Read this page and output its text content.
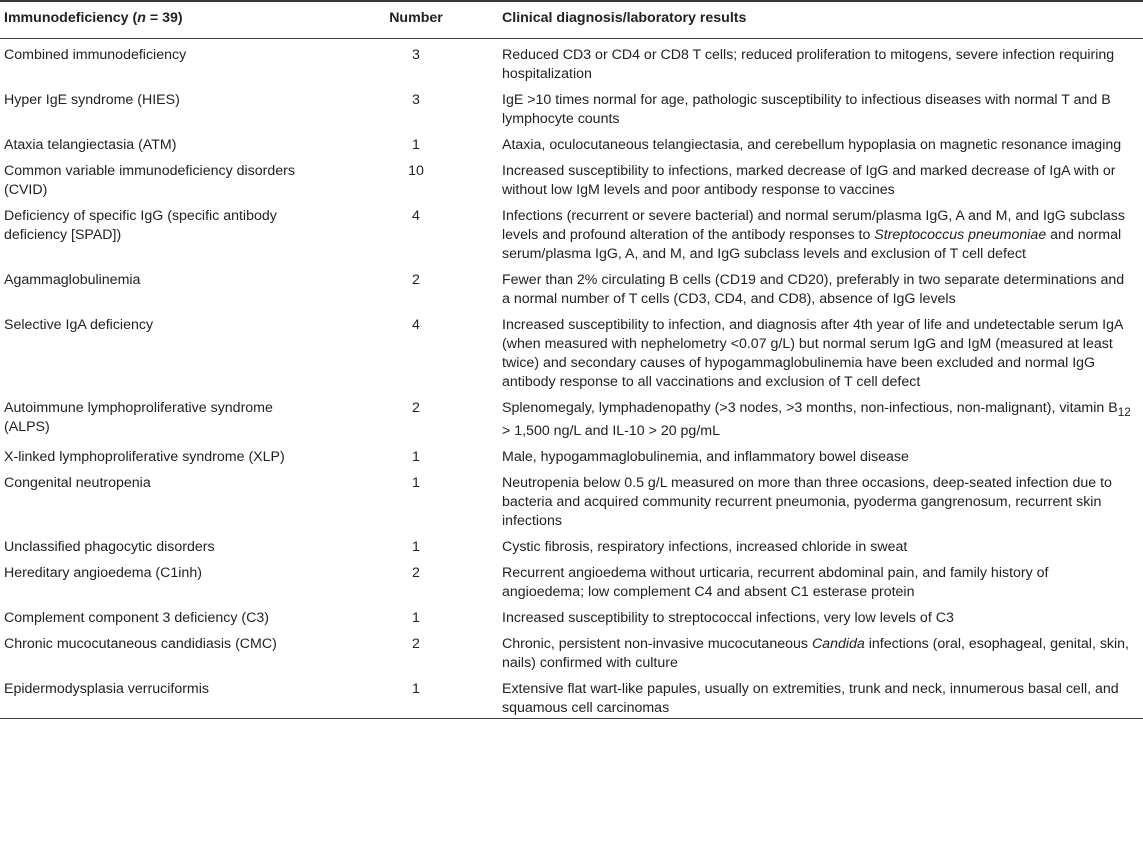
Immunodeficiency (n = 39)	Number	Clinical diagnosis/laboratory results
Combined immunodeficiency	3	Reduced CD3 or CD4 or CD8 T cells; reduced proliferation to mitogens, severe infection requiring hospitalization
Hyper IgE syndrome (HIES)	3	IgE >10 times normal for age, pathologic susceptibility to infectious diseases with normal T and B lymphocyte counts
Ataxia telangiectasia (ATM)	1	Ataxia, oculocutaneous telangiectasia, and cerebellum hypoplasia on magnetic resonance imaging
Common variable immunodeficiency disorders (CVID)	10	Increased susceptibility to infections, marked decrease of IgG and marked decrease of IgA with or without low IgM levels and poor antibody response to vaccines
Deficiency of specific IgG (specific antibody deficiency [SPAD])	4	Infections (recurrent or severe bacterial) and normal serum/plasma IgG, A and M, and IgG subclass levels and profound alteration of the antibody responses to Streptococcus pneumoniae and normal serum/plasma IgG, A, and M, and IgG subclass levels and exclusion of T cell defect
Agammaglobulinemia	2	Fewer than 2% circulating B cells (CD19 and CD20), preferably in two separate determinations and a normal number of T cells (CD3, CD4, and CD8), absence of IgG levels
Selective IgA deficiency	4	Increased susceptibility to infection, and diagnosis after 4th year of life and undetectable serum IgA (when measured with nephelometry <0.07 g/L) but normal serum IgG and IgM (measured at least twice) and secondary causes of hypogammaglobulinemia have been excluded and normal IgG antibody response to all vaccinations and exclusion of T cell defect
Autoimmune lymphoproliferative syndrome (ALPS)	2	Splenomegaly, lymphadenopathy (>3 nodes, >3 months, non-infectious, non-malignant), vitamin $B_{12} > 1,500$ ng/L and IL-10 > 20 pg/mL
X-linked lymphoproliferative syndrome (XLP)	1	Male, hypogammaglobulinemia, and inflammatory bowel disease
Congenital neutropenia	1	Neutropenia below 0.5 g/L measured on more than three occasions, deep-seated infection due to bacteria and acquired community recurrent pneumonia, pyoderma gangrenosum, recurrent skin infections
Unclassified phagocytic disorders	1	Cystic fibrosis, respiratory infections, increased chloride in sweat
Hereditary angioedema (C1inh)	2	Recurrent angioedema without urticaria, recurrent abdominal pain, and family history of angioedema; low complement C4 and absent C1 esterase protein
Complement component 3 deficiency (C3)	1	Increased susceptibility to streptococcal infections, very low levels of C3
Chronic mucocutaneous candidiasis (CMC)	2	Chronic, persistent non-invasive mucocutaneous Candida infections (oral, esophageal, genital, skin, nails) confirmed with culture
Epidermodysplasia verruciformis	1	Extensive flat wart-like papules, usually on extremities, trunk and neck, innumerous basal cell, and squamous cell carcinomas
